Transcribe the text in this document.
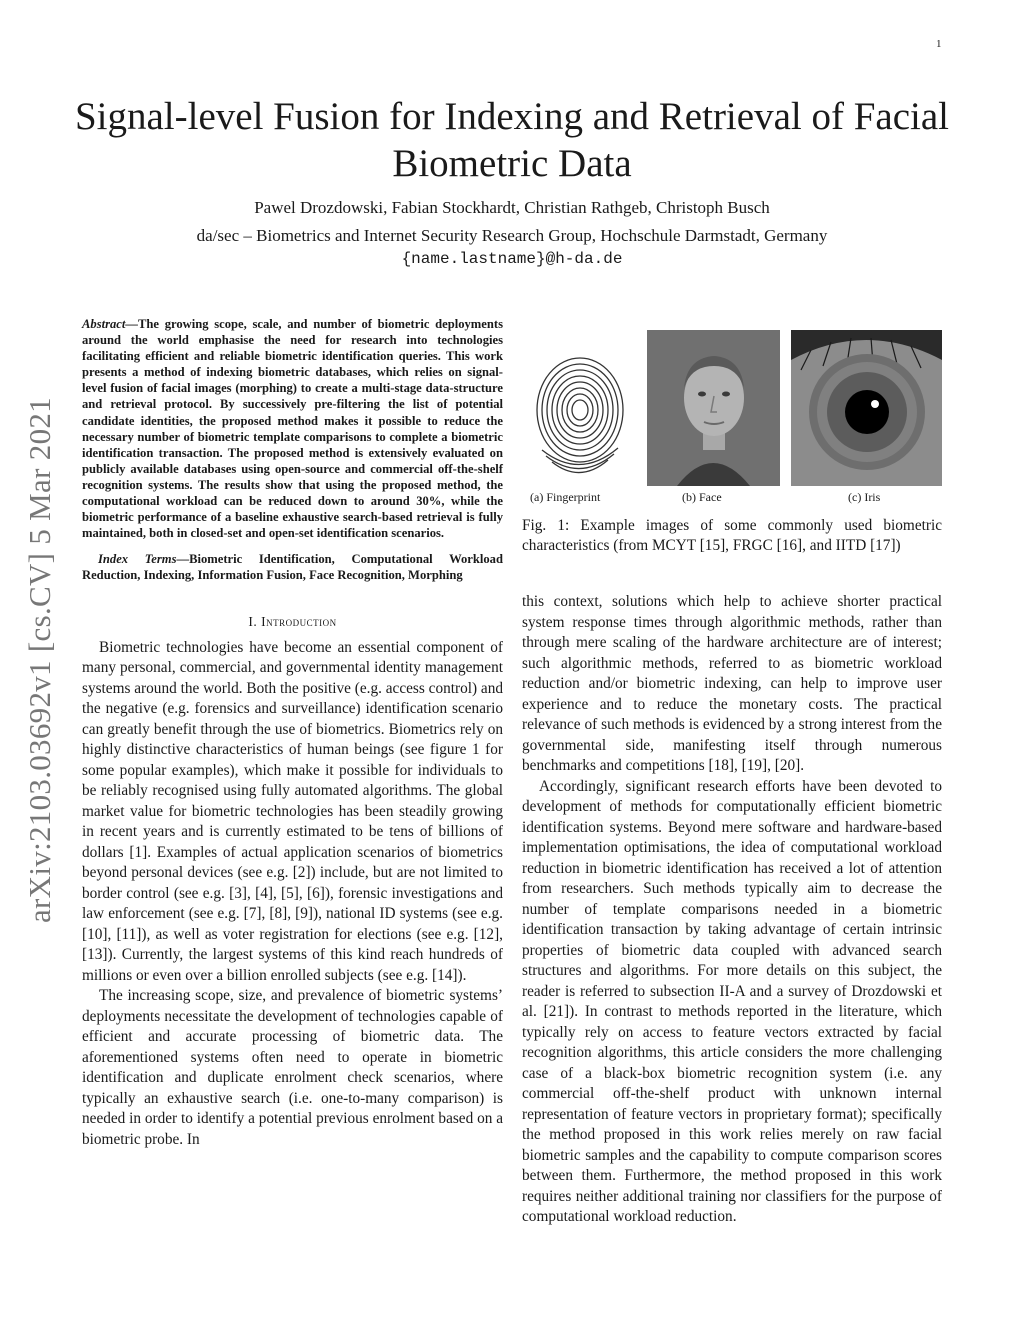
1
arXiv:2103.03692v1 [cs.CV] 5 Mar 2021
Signal-level Fusion for Indexing and Retrieval of Facial Biometric Data
Pawel Drozdowski, Fabian Stockhardt, Christian Rathgeb, Christoph Busch
da/sec – Biometrics and Internet Security Research Group, Hochschule Darmstadt, Germany
{name.lastname}@h-da.de

Abstract—The growing scope, scale, and number of biometric deployments around the world emphasise the need for research into technologies facilitating efficient and reliable biometric identification queries. This work presents a method of indexing biometric databases, which relies on signal-level fusion of facial images (morphing) to create a multi-stage data-structure and retrieval protocol. By successively pre-filtering the list of potential candidate identities, the proposed method makes it possible to reduce the necessary number of biometric template comparisons to complete a biometric identification transaction. The proposed method is extensively evaluated on publicly available databases using open-source and commercial off-the-shelf recognition systems. The results show that using the proposed method, the computational workload can be reduced down to around 30%, while the biometric performance of a baseline exhaustive search-based retrieval is fully maintained, both in closed-set and open-set identification scenarios.

Index Terms—Biometric Identification, Computational Workload Reduction, Indexing, Information Fusion, Face Recognition, Morphing

I. Introduction

Biometric technologies have become an essential component of many personal, commercial, and governmental identity management systems around the world. Both the positive (e.g. access control) and the negative (e.g. forensics and surveillance) identification scenario can greatly benefit through the use of biometrics. Biometrics rely on highly distinctive characteristics of human beings (see figure 1 for some popular examples), which make it possible for individuals to be reliably recognised using fully automated algorithms. The global market value for biometric technologies has been steadily growing in recent years and is currently estimated to be tens of billions of dollars [1]. Examples of actual application scenarios of biometrics beyond personal devices (see e.g. [2]) include, but are not limited to border control (see e.g. [3], [4], [5], [6]), forensic investigations and law enforcement (see e.g. [7], [8], [9]), national ID systems (see e.g. [10], [11]), as well as voter registration for elections (see e.g. [12], [13]). Currently, the largest systems of this kind reach hundreds of millions or even over a billion enrolled subjects (see e.g. [14]).

The increasing scope, size, and prevalence of biometric systems’ deployments necessitate the development of technologies capable of efficient and accurate processing of biometric data. The aforementioned systems often need to operate in biometric identification and duplicate enrolment check scenarios, where typically an exhaustive search (i.e. one-to-many comparison) is needed in order to identify a potential previous enrolment based on a biometric probe. In

(a) Fingerprint	(b) Face	(c) Iris
Fig. 1: Example images of some commonly used biometric characteristics (from MCYT [15], FRGC [16], and IITD [17])

this context, solutions which help to achieve shorter practical system response times through algorithmic methods, rather than through mere scaling of the hardware architecture are of interest; such algorithmic methods, referred to as biometric workload reduction and/or biometric indexing, can help to improve user experience and to reduce the monetary costs. The practical relevance of such methods is evidenced by a strong interest from the governmental side, manifesting itself through numerous benchmarks and competitions [18], [19], [20].

Accordingly, significant research efforts have been devoted to development of methods for computationally efficient biometric identification systems. Beyond mere software and hardware-based implementation optimisations, the idea of computational workload reduction in biometric identification has received a lot of attention from researchers. Such methods typically aim to decrease the number of template comparisons needed in a biometric identification transaction by taking advantage of certain intrinsic properties of biometric data coupled with advanced search structures and algorithms. For more details on this subject, the reader is referred to subsection II-A and a survey of Drozdowski et al. [21]). In contrast to methods reported in the literature, which typically rely on access to feature vectors extracted by facial recognition algorithms, this article considers the more challenging case of a black-box biometric recognition system (i.e. any commercial off-the-shelf product with unknown internal representation of feature vectors in proprietary format); specifically the method proposed in this work relies merely on raw facial biometric samples and the capability to compute comparison scores between them. Furthermore, the method proposed in this work requires neither additional training nor classifiers for the purpose of computational workload reduction.
